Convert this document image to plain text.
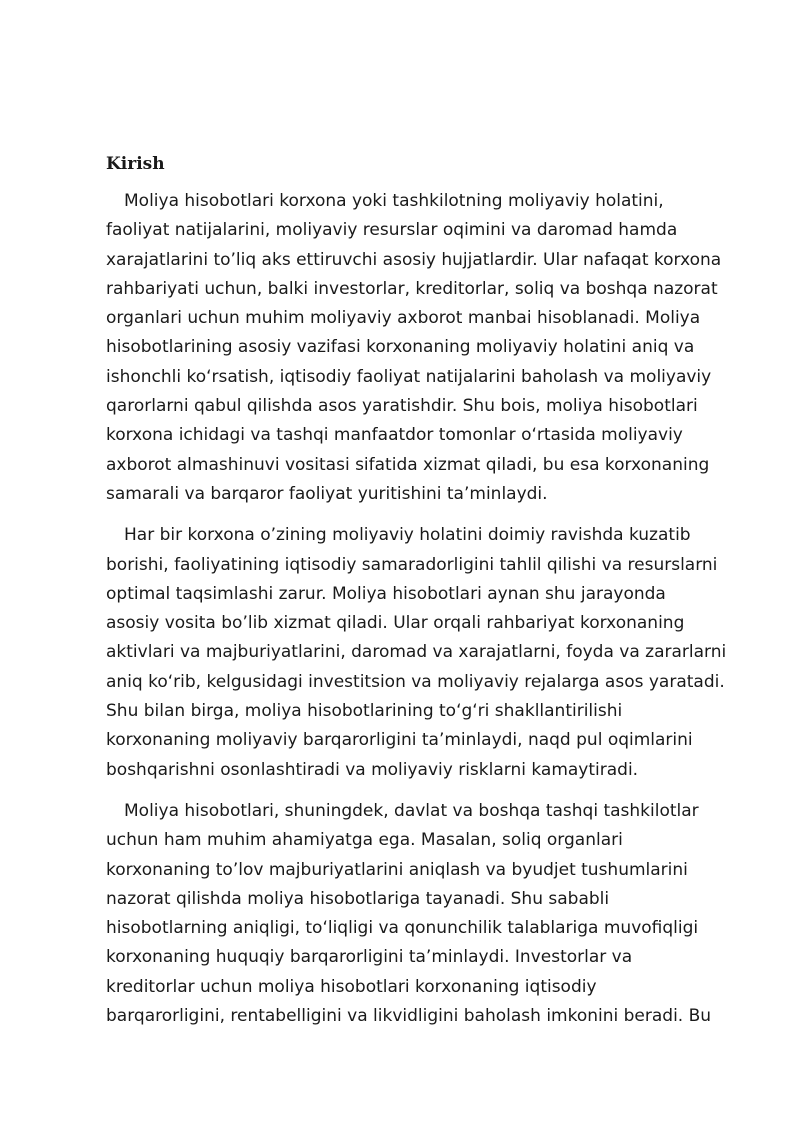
Kirish

Moliya hisobotlari korxona yoki tashkilotning moliyaviy holatini,
faoliyat natijalarini, moliyaviy resurslar oqimini va daromad hamda
xarajatlarini to’liq aks ettiruvchi asosiy hujjatlardir. Ular nafaqat korxona
rahbariyati uchun, balki investorlar, kreditorlar, soliq va boshqa nazorat
organlari uchun muhim moliyaviy axborot manbai hisoblanadi. Moliya
hisobotlarining asosiy vazifasi korxonaning moliyaviy holatini aniq va
ishonchli ko‘rsatish, iqtisodiy faoliyat natijalarini baholash va moliyaviy
qarorlarni qabul qilishda asos yaratishdir. Shu bois, moliya hisobotlari
korxona ichidagi va tashqi manfaatdor tomonlar o‘rtasida moliyaviy
axborot almashinuvi vositasi sifatida xizmat qiladi, bu esa korxonaning
samarali va barqaror faoliyat yuritishini ta’minlaydi.

Har bir korxona o’zining moliyaviy holatini doimiy ravishda kuzatib
borishi, faoliyatining iqtisodiy samaradorligini tahlil qilishi va resurslarni
optimal taqsimlashi zarur. Moliya hisobotlari aynan shu jarayonda
asosiy vosita bo’lib xizmat qiladi. Ular orqali rahbariyat korxonaning
aktivlari va majburiyatlarini, daromad va xarajatlarni, foyda va zararlarni
aniq ko‘rib, kelgusidagi investitsion va moliyaviy rejalarga asos yaratadi.
Shu bilan birga, moliya hisobotlarining to‘g‘ri shakllantirilishi
korxonaning moliyaviy barqarorligini ta’minlaydi, naqd pul oqimlarini
boshqarishni osonlashtiradi va moliyaviy risklarni kamaytiradi.

Moliya hisobotlari, shuningdek, davlat va boshqa tashqi tashkilotlar
uchun ham muhim ahamiyatga ega. Masalan, soliq organlari
korxonaning to’lov majburiyatlarini aniqlash va byudjet tushumlarini
nazorat qilishda moliya hisobotlariga tayanadi. Shu sababli
hisobotlarning aniqligi, to‘liqligi va qonunchilik talablariga muvofiqligi
korxonaning huquqiy barqarorligini ta’minlaydi. Investorlar va
kreditorlar uchun moliya hisobotlari korxonaning iqtisodiy
barqarorligini, rentabelligini va likvidligini baholash imkonini beradi. Bu
